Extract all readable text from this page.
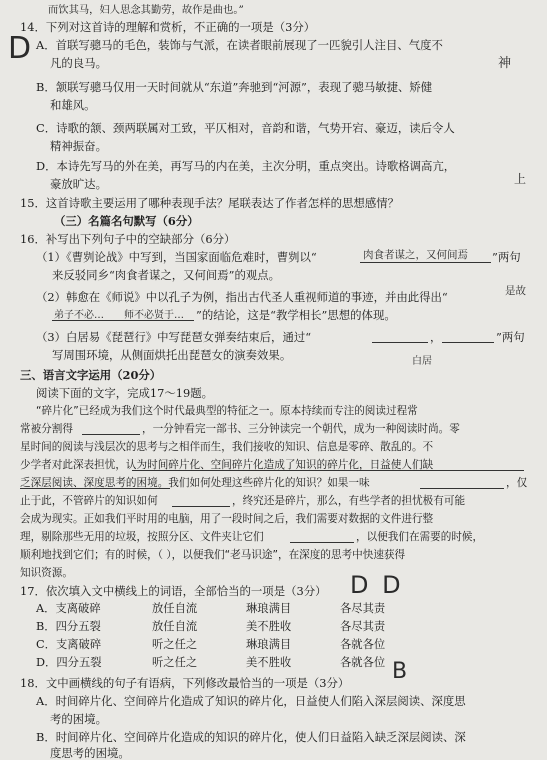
而饮其马，妇人思念其勤劳，故作是曲也。”
14．下列对这首诗的理解和赏析，不正确的一项是（3分）
D A．首联写骢马的毛色，装饰与气派，在读者眼前展现了一匹貌引人注目、气度不
凡的良马。	神
B．颔联写骢马仅用一天时间就从“东道”奔驰到“河源”，表现了骢马敏捷、矫健
和雄风。
C．诗歌的颔、颈两联属对工致，平仄相对，音韵和谐，气势开宕、豪迈，读后令人
精神振奋。
D．本诗先写马的外在美，再写马的内在美，主次分明，重点突出。诗歌格调高亢，
豪放旷达。	上
15．这首诗歌主要运用了哪种表现手法？尾联表达了作者怎样的思想感情？
（三）名篇名句默写（6分）
16．补写出下列句子中的空缺部分（6分）
（1）《曹刿论战》中写到，当国家面临危难时，曹刿以“	肉食者谋之，又何间焉 ”两句
来反驳同乡“肉食者谋之，又何间焉”的观点。
（2）韩愈在《师说》中以孔子为例，指出古代圣人重视师道的事迹，并由此得出“	是故
弟子不必… 师不必贤于… ”的结论，这是“教学相长”思想的体现。
（3）白居易《琵琶行》中写琵琶女弹奏结束后，通过“	，	”两句
写周围环境，从侧面烘托出琵琶女的演奏效果。	白居
三、语言文字运用（20分）
阅读下面的文字，完成17～19题。
“碎片化”已经成为我们这个时代最典型的特征之一。原本持续而专注的阅读过程常
常被分割得	，一分钟看完一部书、三分钟读完一个朝代，成为一种阅读时尚。零
星时间的阅读与浅层次的思考与之相伴而生，我们接收的知识、信息是零碎、散乱的。不
少学者对此深表担忧，认为时间碎片化、空间碎片化造成了知识的碎片化，日益使人们缺
乏深层阅读、深度思考的困境。我们如何处理这些碎片化的知识？如果一味	，仅
止于此，不管碎片的知识如何	，终究还是碎片，那么，有些学者的担忧极有可能
会成为现实。正如我们平时用的电脑，用了一段时间之后，我们需要对数据的文件进行整
理，剔除那些无用的垃圾，按照分区、文件夹让它们	，以便我们在需要的时候，
顺利地找到它们；有的时候，（ ），以便我们“老马识途”，在深度的思考中快速获得
知识资源。
17．依次填入文中横线上的词语，全部恰当的一项是（3分） D D
A．支离破碎	放任自流	琳琅满目	各尽其责
B．四分五裂	放任自流	美不胜收	各尽其责
C．支离破碎	听之任之	琳琅满目	各就各位
D．四分五裂	听之任之	美不胜收	各就各位
18．文中画横线的句子有语病，下列修改最恰当的一项是（3分） B
A．时间碎片化、空间碎片化造成了知识的碎片化，日益使人们陷入深层阅读、深度思
考的困境。
B．时间碎片化、空间碎片化造成的知识的碎片化，使人们日益陷入缺乏深层阅读、深
度思考的困境。
